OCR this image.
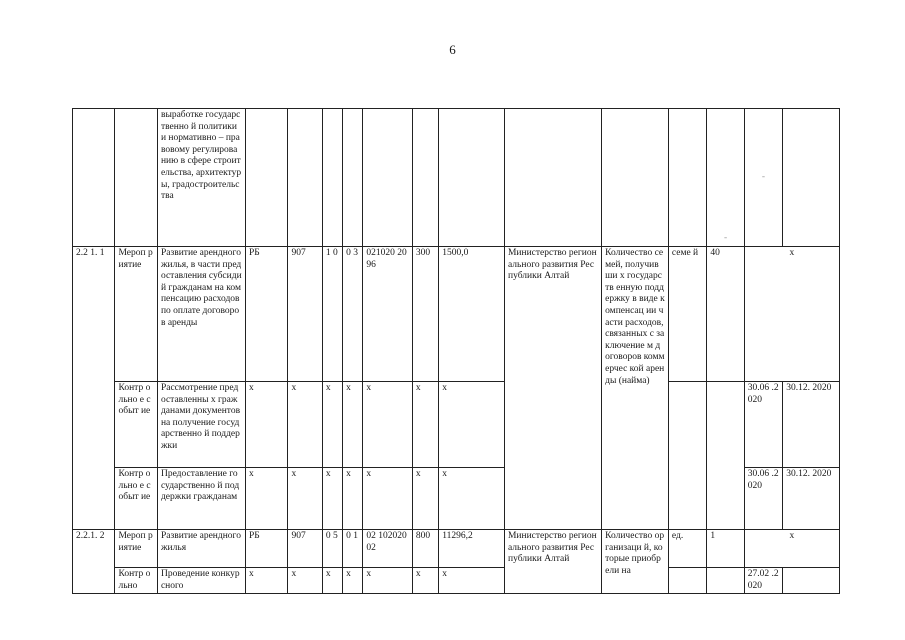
6
		выработке государственно й политики и нормативно – правовому регулированию в сфере строительства, архитектуры, градостроительс тва											-	-	
2.2 1. 1	Мероп риятие	Развитие арендного жилья, в части предоставления субсидий гражданам на компенсацию расходов по оплате договоров аренды	РБ	907	1 0	0 3	021020 2096	300	1500,0	Министерство регионального развития Республики Алтай	Количество семей, получивши х государств енную поддержку в виде компенсац ии части расходов, связанных с заключение м договоров коммерчес кой аренды (найма)	семе й	40	х	
	Контр ольно е событ ие	Рассмотрение предоставленны х гражданами документов на получение государственно й поддержки	х	х	х	х	х	х	х					30.06 .2020	30.12. 2020
	Контр ольно е событ ие	Предоставление государственно й поддержки гражданам	х	х	х	х	х	х	х					30.06 .2020	30.12. 2020
2.2.1. 2	Мероп риятие	Развитие арендного жилья	РБ	907	0 5	0 1	02 102020 02	800	11296,2	Министерство регионального развития Республики Алтай	Количество организаци й, которые приобрели на	ед.	1	х	
	Контр ольно	Проведение конкурсного	х	х	х	х	х	х	х					27.02 .2020	
